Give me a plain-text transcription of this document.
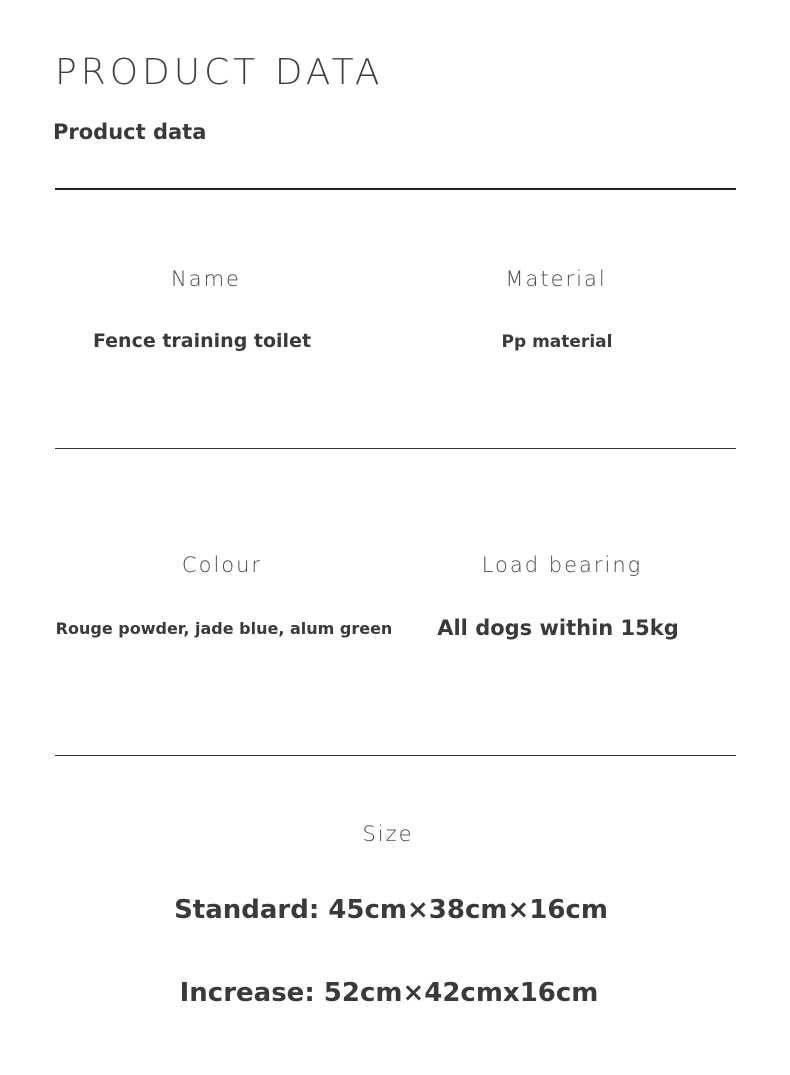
PRODUCT DATA
Product data
Name
Fence training toilet
Material
Pp material
Colour
Rouge powder, jade blue, alum green
Load bearing
All dogs within 15kg
Size
Standard: 45cm×38cm×16cm
Increase: 52cm×42cmx16cm
